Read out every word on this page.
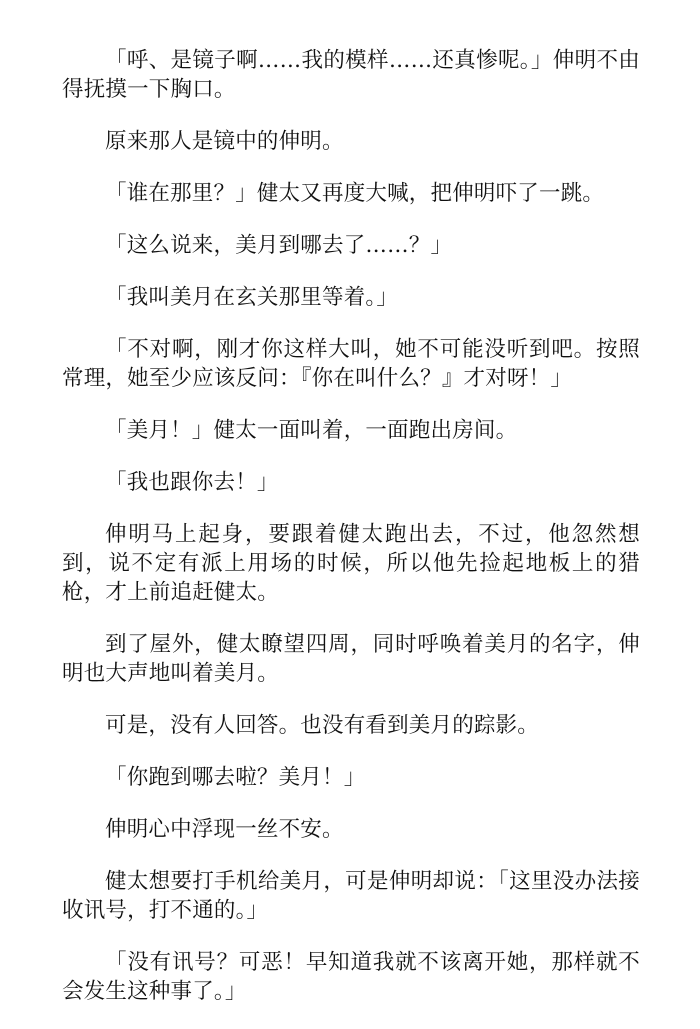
「呼、是镜子啊……我的模样……还真惨呢。」伸明不由得抚摸一下胸口。

原来那人是镜中的伸明。

「谁在那里？」健太又再度大喊，把伸明吓了一跳。

「这么说来，美月到哪去了……？」

「我叫美月在玄关那里等着。」

「不对啊，刚才你这样大叫，她不可能没听到吧。按照常理，她至少应该反问：『你在叫什么？』才对呀！」

「美月！」健太一面叫着，一面跑出房间。

「我也跟你去！」

伸明马上起身，要跟着健太跑出去，不过，他忽然想到，说不定有派上用场的时候，所以他先捡起地板上的猎枪，才上前追赶健太。

到了屋外，健太瞭望四周，同时呼唤着美月的名字，伸明也大声地叫着美月。

可是，没有人回答。也没有看到美月的踪影。

「你跑到哪去啦？美月！」

伸明心中浮现一丝不安。

健太想要打手机给美月，可是伸明却说：「这里没办法接收讯号，打不通的。」

「没有讯号？可恶！早知道我就不该离开她，那样就不会发生这种事了。」
